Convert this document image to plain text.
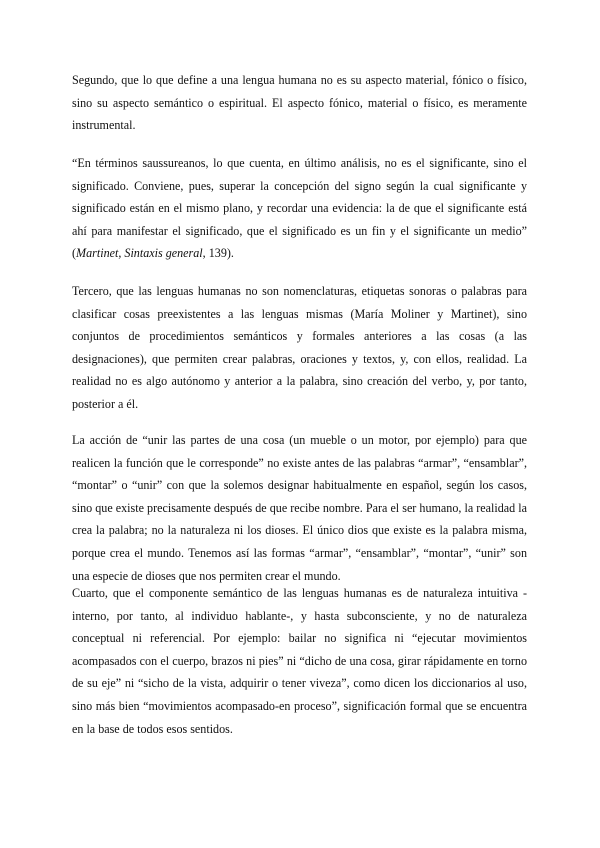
Segundo, que lo que define a una lengua humana no es su aspecto material, fónico o físico, sino su aspecto semántico o espiritual. El aspecto fónico, material o físico, es meramente instrumental.

“En términos saussureanos, lo que cuenta, en último análisis, no es el significante, sino el significado. Conviene, pues, superar la concepción del signo según la cual significante y significado están en el mismo plano, y recordar una evidencia: la de que el significante está ahí para manifestar el significado, que el significado es un fin y el significante un medio” (Martinet, Sintaxis general, 139).

Tercero, que las lenguas humanas no son nomenclaturas, etiquetas sonoras o palabras para clasificar cosas preexistentes a las lenguas mismas (María Moliner y Martinet), sino conjuntos de procedimientos semánticos y formales anteriores a las cosas (a las designaciones), que permiten crear palabras, oraciones y textos, y, con ellos, realidad. La realidad no es algo autónomo y anterior a la palabra, sino creación del verbo, y, por tanto, posterior a él.

La acción de “unir las partes de una cosa (un mueble o un motor, por ejemplo) para que realicen la función que le corresponde” no existe antes de las palabras “armar”, “ensamblar”, “montar” o “unir” con que la solemos designar habitualmente en español, según los casos, sino que existe precisamente después de que recibe nombre. Para el ser humano, la realidad la crea la palabra; no la naturaleza ni los dioses. El único dios que existe es la palabra misma, porque crea el mundo. Tenemos así las formas “armar”, “ensamblar”, “montar”, “unir” son una especie de dioses que nos permiten crear el mundo.

Cuarto, que el componente semántico de las lenguas humanas es de naturaleza intuitiva -interno, por tanto, al individuo hablante-, y hasta subconsciente, y no de naturaleza conceptual ni referencial. Por ejemplo: bailar no significa ni “ejecutar movimientos acompasados con el cuerpo, brazos ni pies” ni “dicho de una cosa, girar rápidamente en torno de su eje” ni “sicho de la vista, adquirir o tener viveza”, como dicen los diccionarios al uso, sino más bien “movimientos acompasado-en proceso”, significación formal que se encuentra en la base de todos esos sentidos.
